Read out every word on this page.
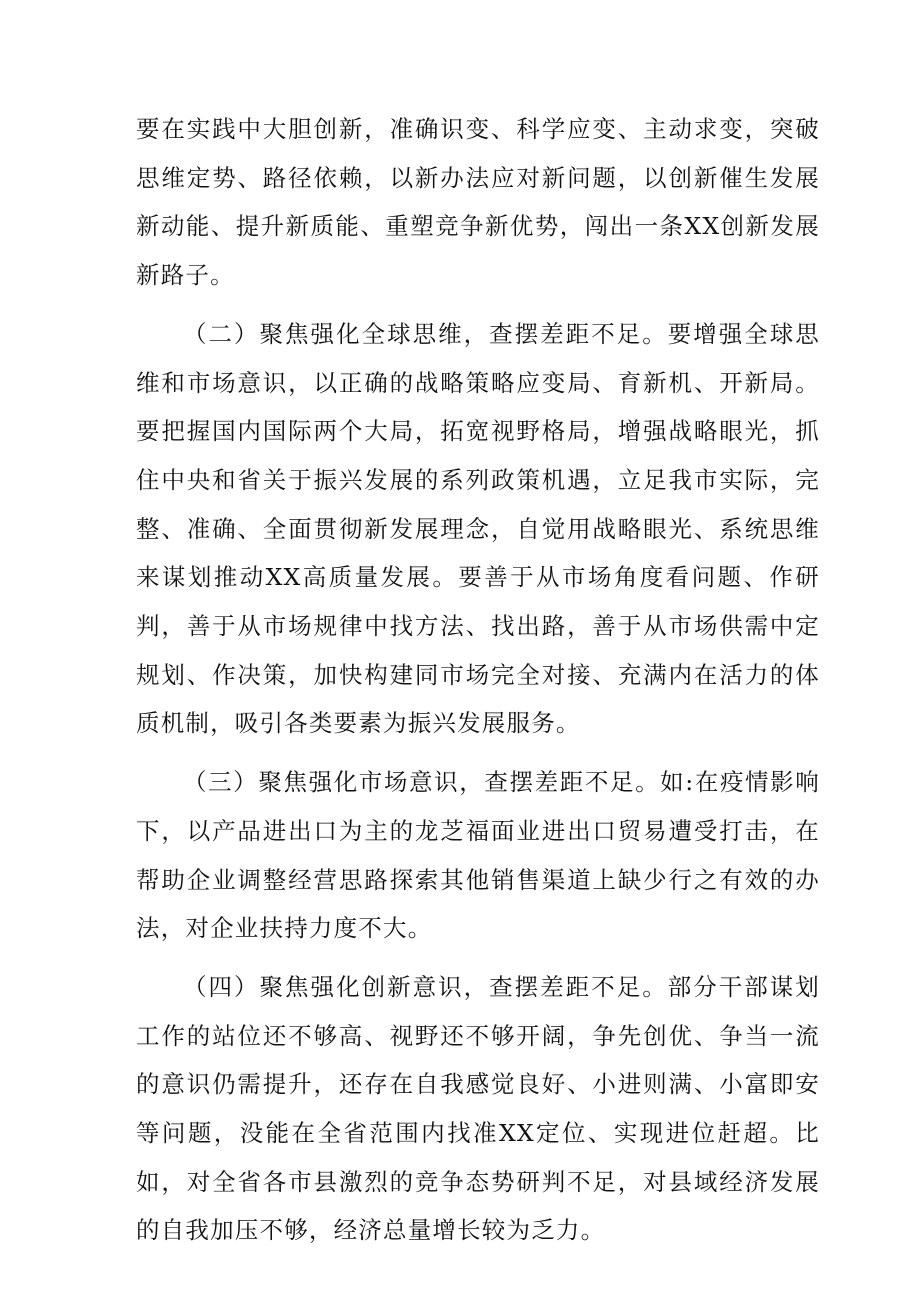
要在实践中大胆创新，准确识变、科学应变、主动求变，突破思维定势、路径依赖，以新办法应对新问题，以创新催生发展新动能、提升新质能、重塑竞争新优势，闯出一条XX创新发展新路子。

（二）聚焦强化全球思维，查摆差距不足。要增强全球思维和市场意识，以正确的战略策略应变局、育新机、开新局。要把握国内国际两个大局，拓宽视野格局，增强战略眼光，抓住中央和省关于振兴发展的系列政策机遇，立足我市实际，完整、准确、全面贯彻新发展理念，自觉用战略眼光、系统思维来谋划推动XX高质量发展。要善于从市场角度看问题、作研判，善于从市场规律中找方法、找出路，善于从市场供需中定规划、作决策，加快构建同市场完全对接、充满内在活力的体质机制，吸引各类要素为振兴发展服务。

（三）聚焦强化市场意识，查摆差距不足。如:在疫情影响下，以产品进出口为主的龙芝福面业进出口贸易遭受打击，在帮助企业调整经营思路探索其他销售渠道上缺少行之有效的办法，对企业扶持力度不大。

（四）聚焦强化创新意识，查摆差距不足。部分干部谋划工作的站位还不够高、视野还不够开阔，争先创优、争当一流的意识仍需提升，还存在自我感觉良好、小进则满、小富即安等问题，没能在全省范围内找准XX定位、实现进位赶超。比如，对全省各市县激烈的竞争态势研判不足，对县域经济发展的自我加压不够，经济总量增长较为乏力。
